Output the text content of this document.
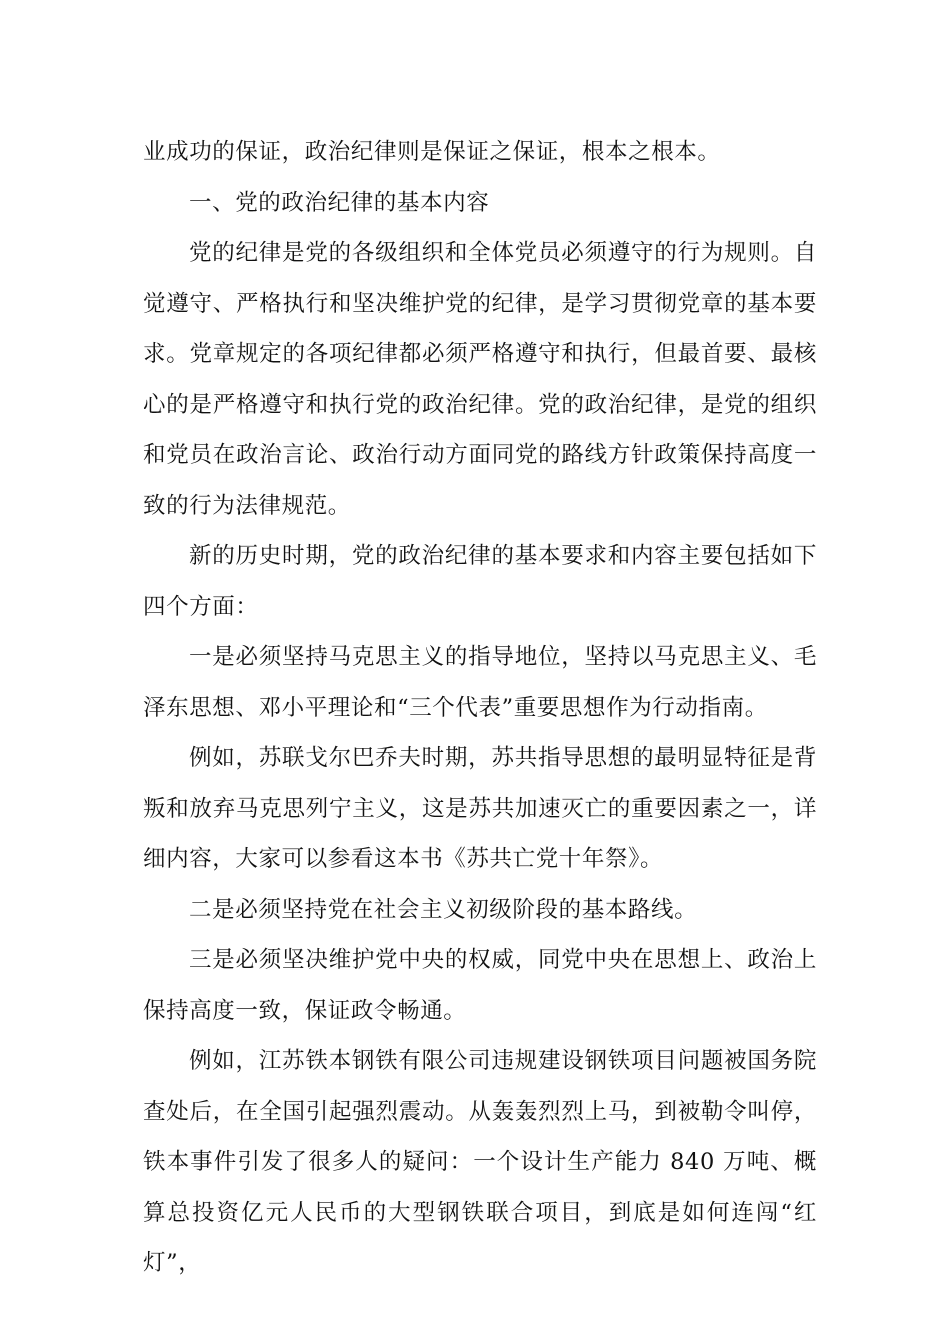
业成功的保证，政治纪律则是保证之保证，根本之根本。

一、党的政治纪律的基本内容

党的纪律是党的各级组织和全体党员必须遵守的行为规则。自觉遵守、严格执行和坚决维护党的纪律，是学习贯彻党章的基本要求。党章规定的各项纪律都必须严格遵守和执行，但最首要、最核心的是严格遵守和执行党的政治纪律。党的政治纪律，是党的组织和党员在政治言论、政治行动方面同党的路线方针政策保持高度一致的行为法律规范。

新的历史时期，党的政治纪律的基本要求和内容主要包括如下四个方面：

一是必须坚持马克思主义的指导地位，坚持以马克思主义、毛泽东思想、邓小平理论和“三个代表”重要思想作为行动指南。

例如，苏联戈尔巴乔夫时期，苏共指导思想的最明显特征是背叛和放弃马克思列宁主义，这是苏共加速灭亡的重要因素之一，详细内容，大家可以参看这本书《苏共亡党十年祭》。

二是必须坚持党在社会主义初级阶段的基本路线。

三是必须坚决维护党中央的权威，同党中央在思想上、政治上保持高度一致，保证政令畅通。

例如，江苏铁本钢铁有限公司违规建设钢铁项目问题被国务院查处后，在全国引起强烈震动。从轰轰烈烈上马，到被勒令叫停，铁本事件引发了很多人的疑问：一个设计生产能力 840 万吨、概算总投资亿元人民币的大型钢铁联合项目，到底是如何连闯“红灯”，
